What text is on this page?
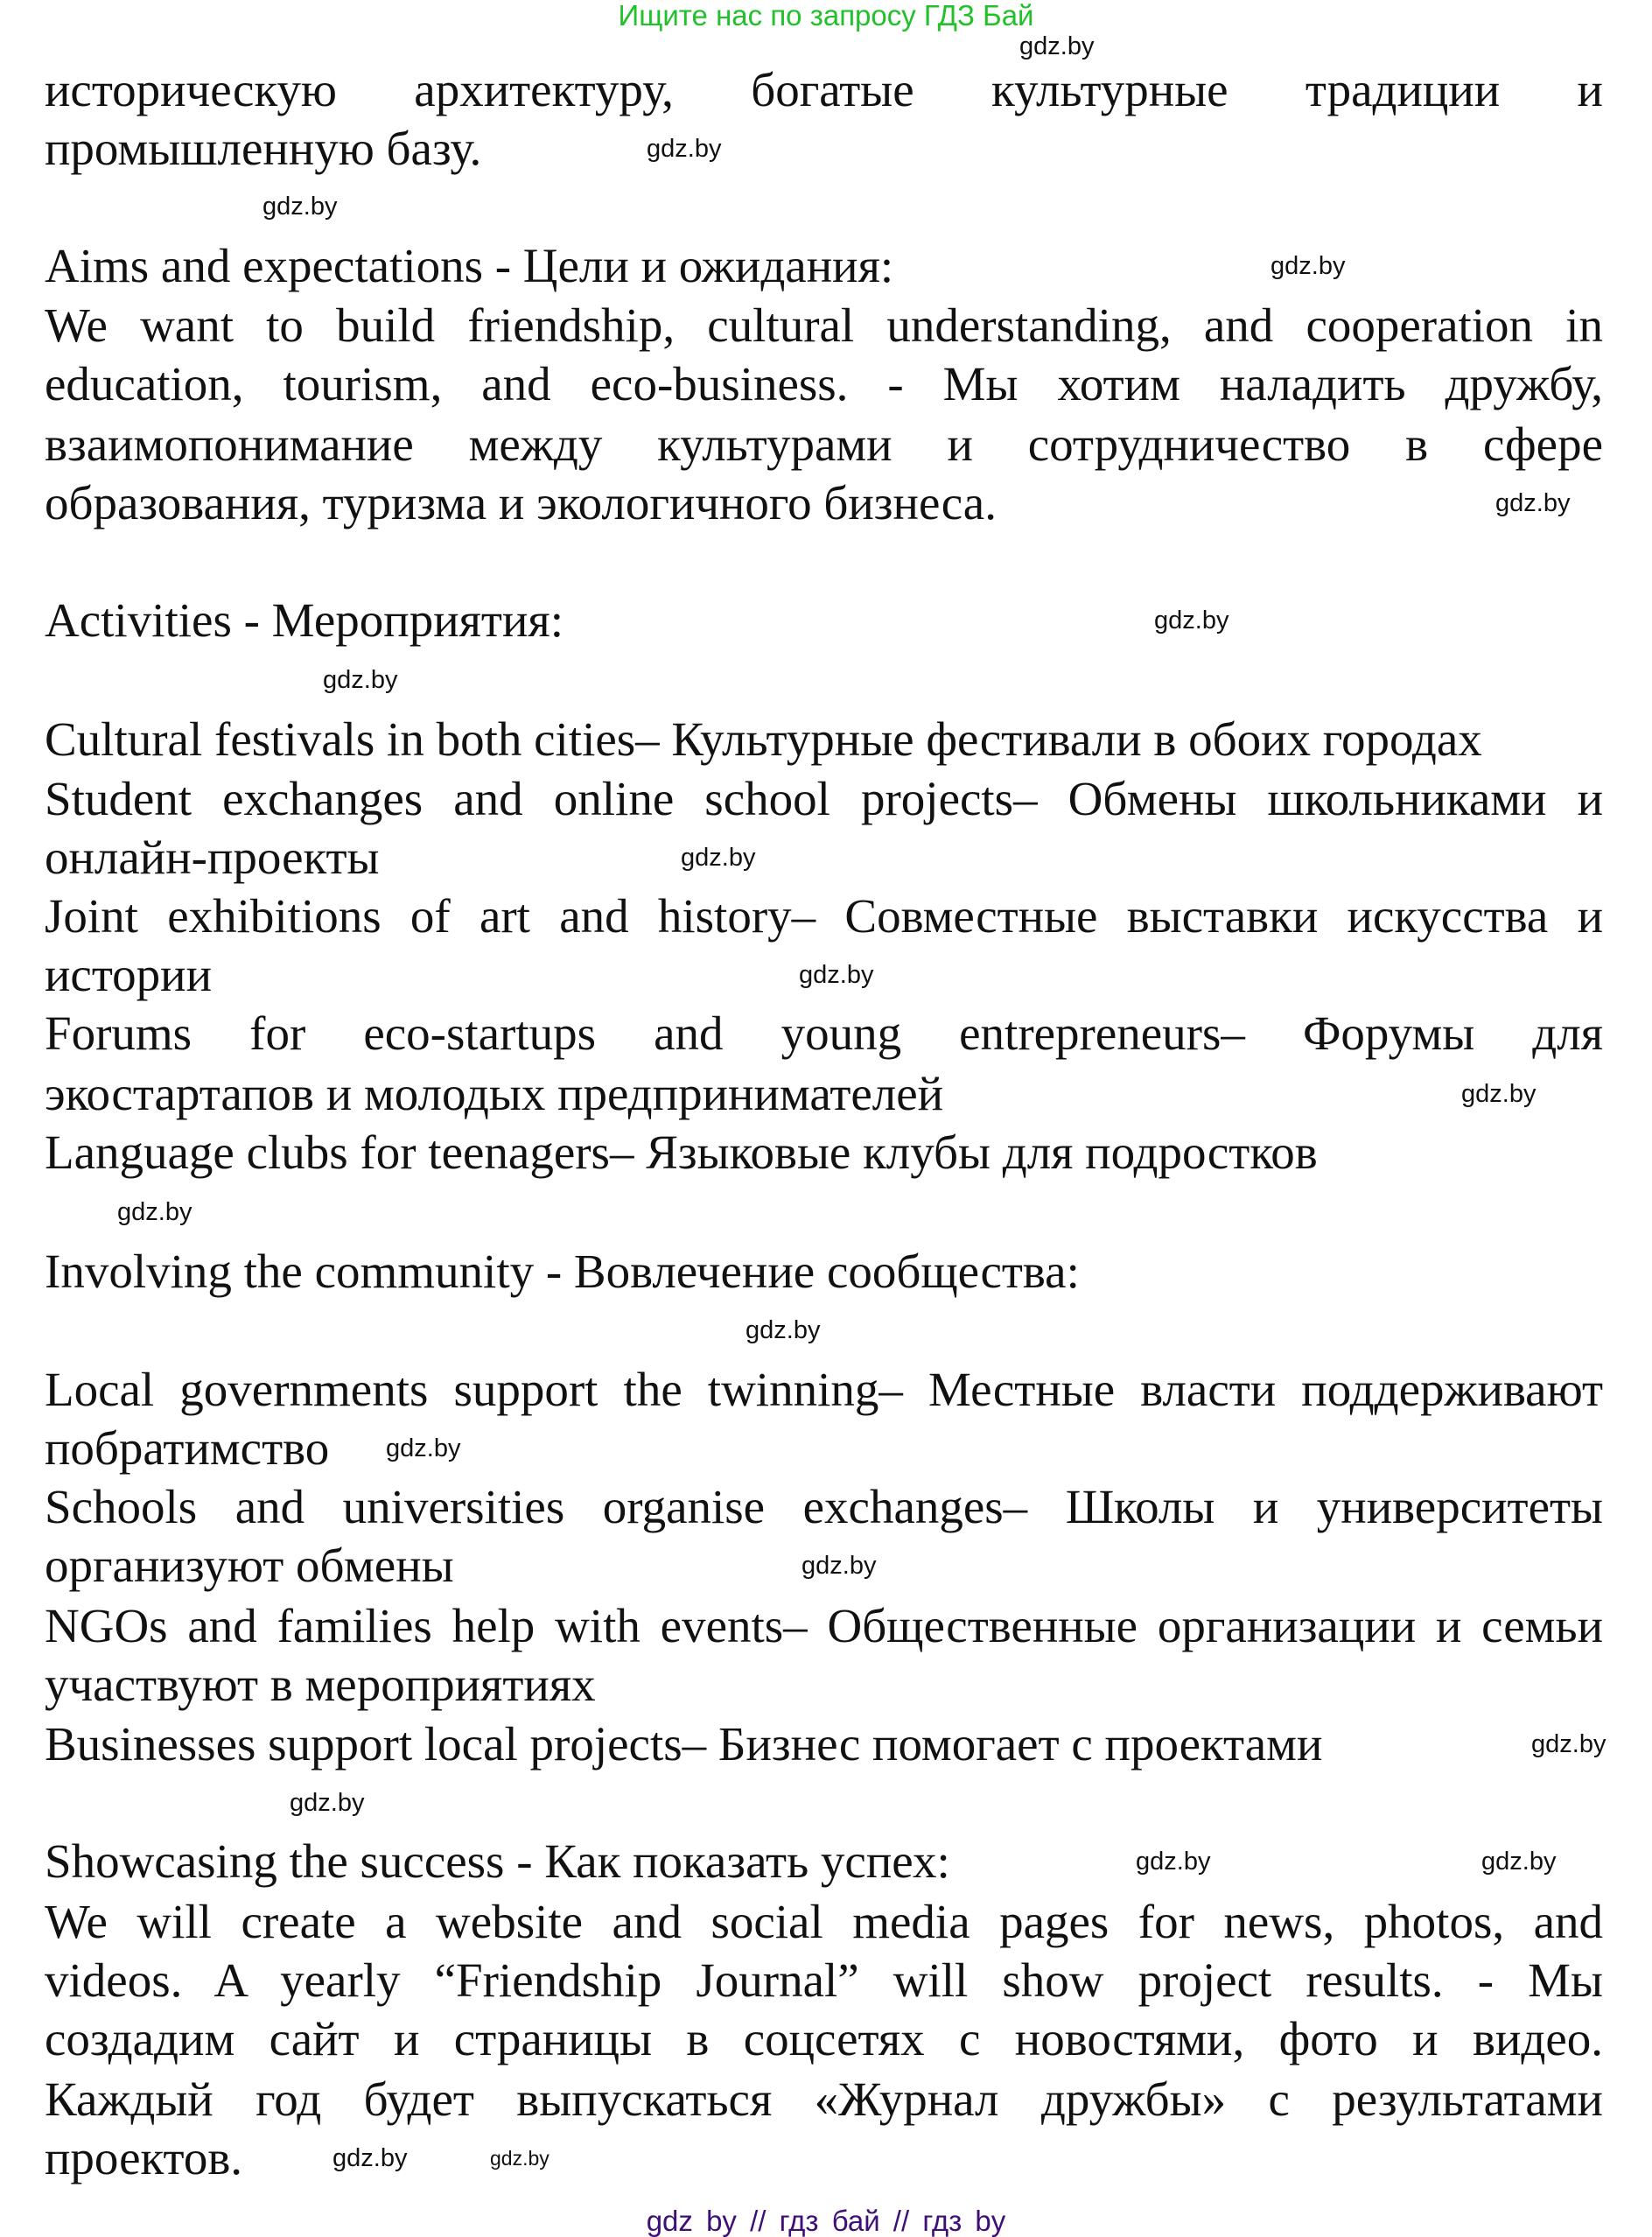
Ищите нас по запросу ГДЗ Бай
историческую архитектуру, богатые культурные традиции и
промышленную базу.
Aims and expectations - Цели и ожидания:
We want to build friendship, cultural understanding, and cooperation in
education, tourism, and eco-business. - Мы хотим наладить дружбу,
взаимопонимание между культурами и сотрудничество в сфере
образования, туризма и экологичного бизнеса.
Activities - Мероприятия:
Cultural festivals in both cities– Культурные фестивали в обоих городах
Student exchanges and online school projects– Обмены школьниками и
онлайн-проекты
Joint exhibitions of art and history– Совместные выставки искусства и
истории
Forums for eco-startups and young entrepreneurs– Форумы для
экостартапов и молодых предпринимателей
Language clubs for teenagers– Языковые клубы для подростков
Involving the community - Вовлечение сообщества:
Local governments support the twinning– Местные власти поддерживают
побратимство
Schools and universities organise exchanges– Школы и университеты
организуют обмены
NGOs and families help with events– Общественные организации и семьи
участвуют в мероприятиях
Businesses support local projects– Бизнес помогает с проектами
Showcasing the success - Как показать успех:
We will create a website and social media pages for news, photos, and
videos. A yearly “Friendship Journal” will show project results. - Мы
создадим сайт и страницы в соцсетях с новостями, фото и видео.
Каждый год будет выпускаться «Журнал дружбы» с результатами
проектов.
gdz.by
gdz.by
gdz.by
gdz.by
gdz.by
gdz.by
gdz.by
gdz.by
gdz.by
gdz.by
gdz.by
gdz.by
gdz.by
gdz.by
gdz.by
gdz.by
gdz.by	gdz.by
gdz.by
gdz.by
gdz by // гдз бай // гдз by
